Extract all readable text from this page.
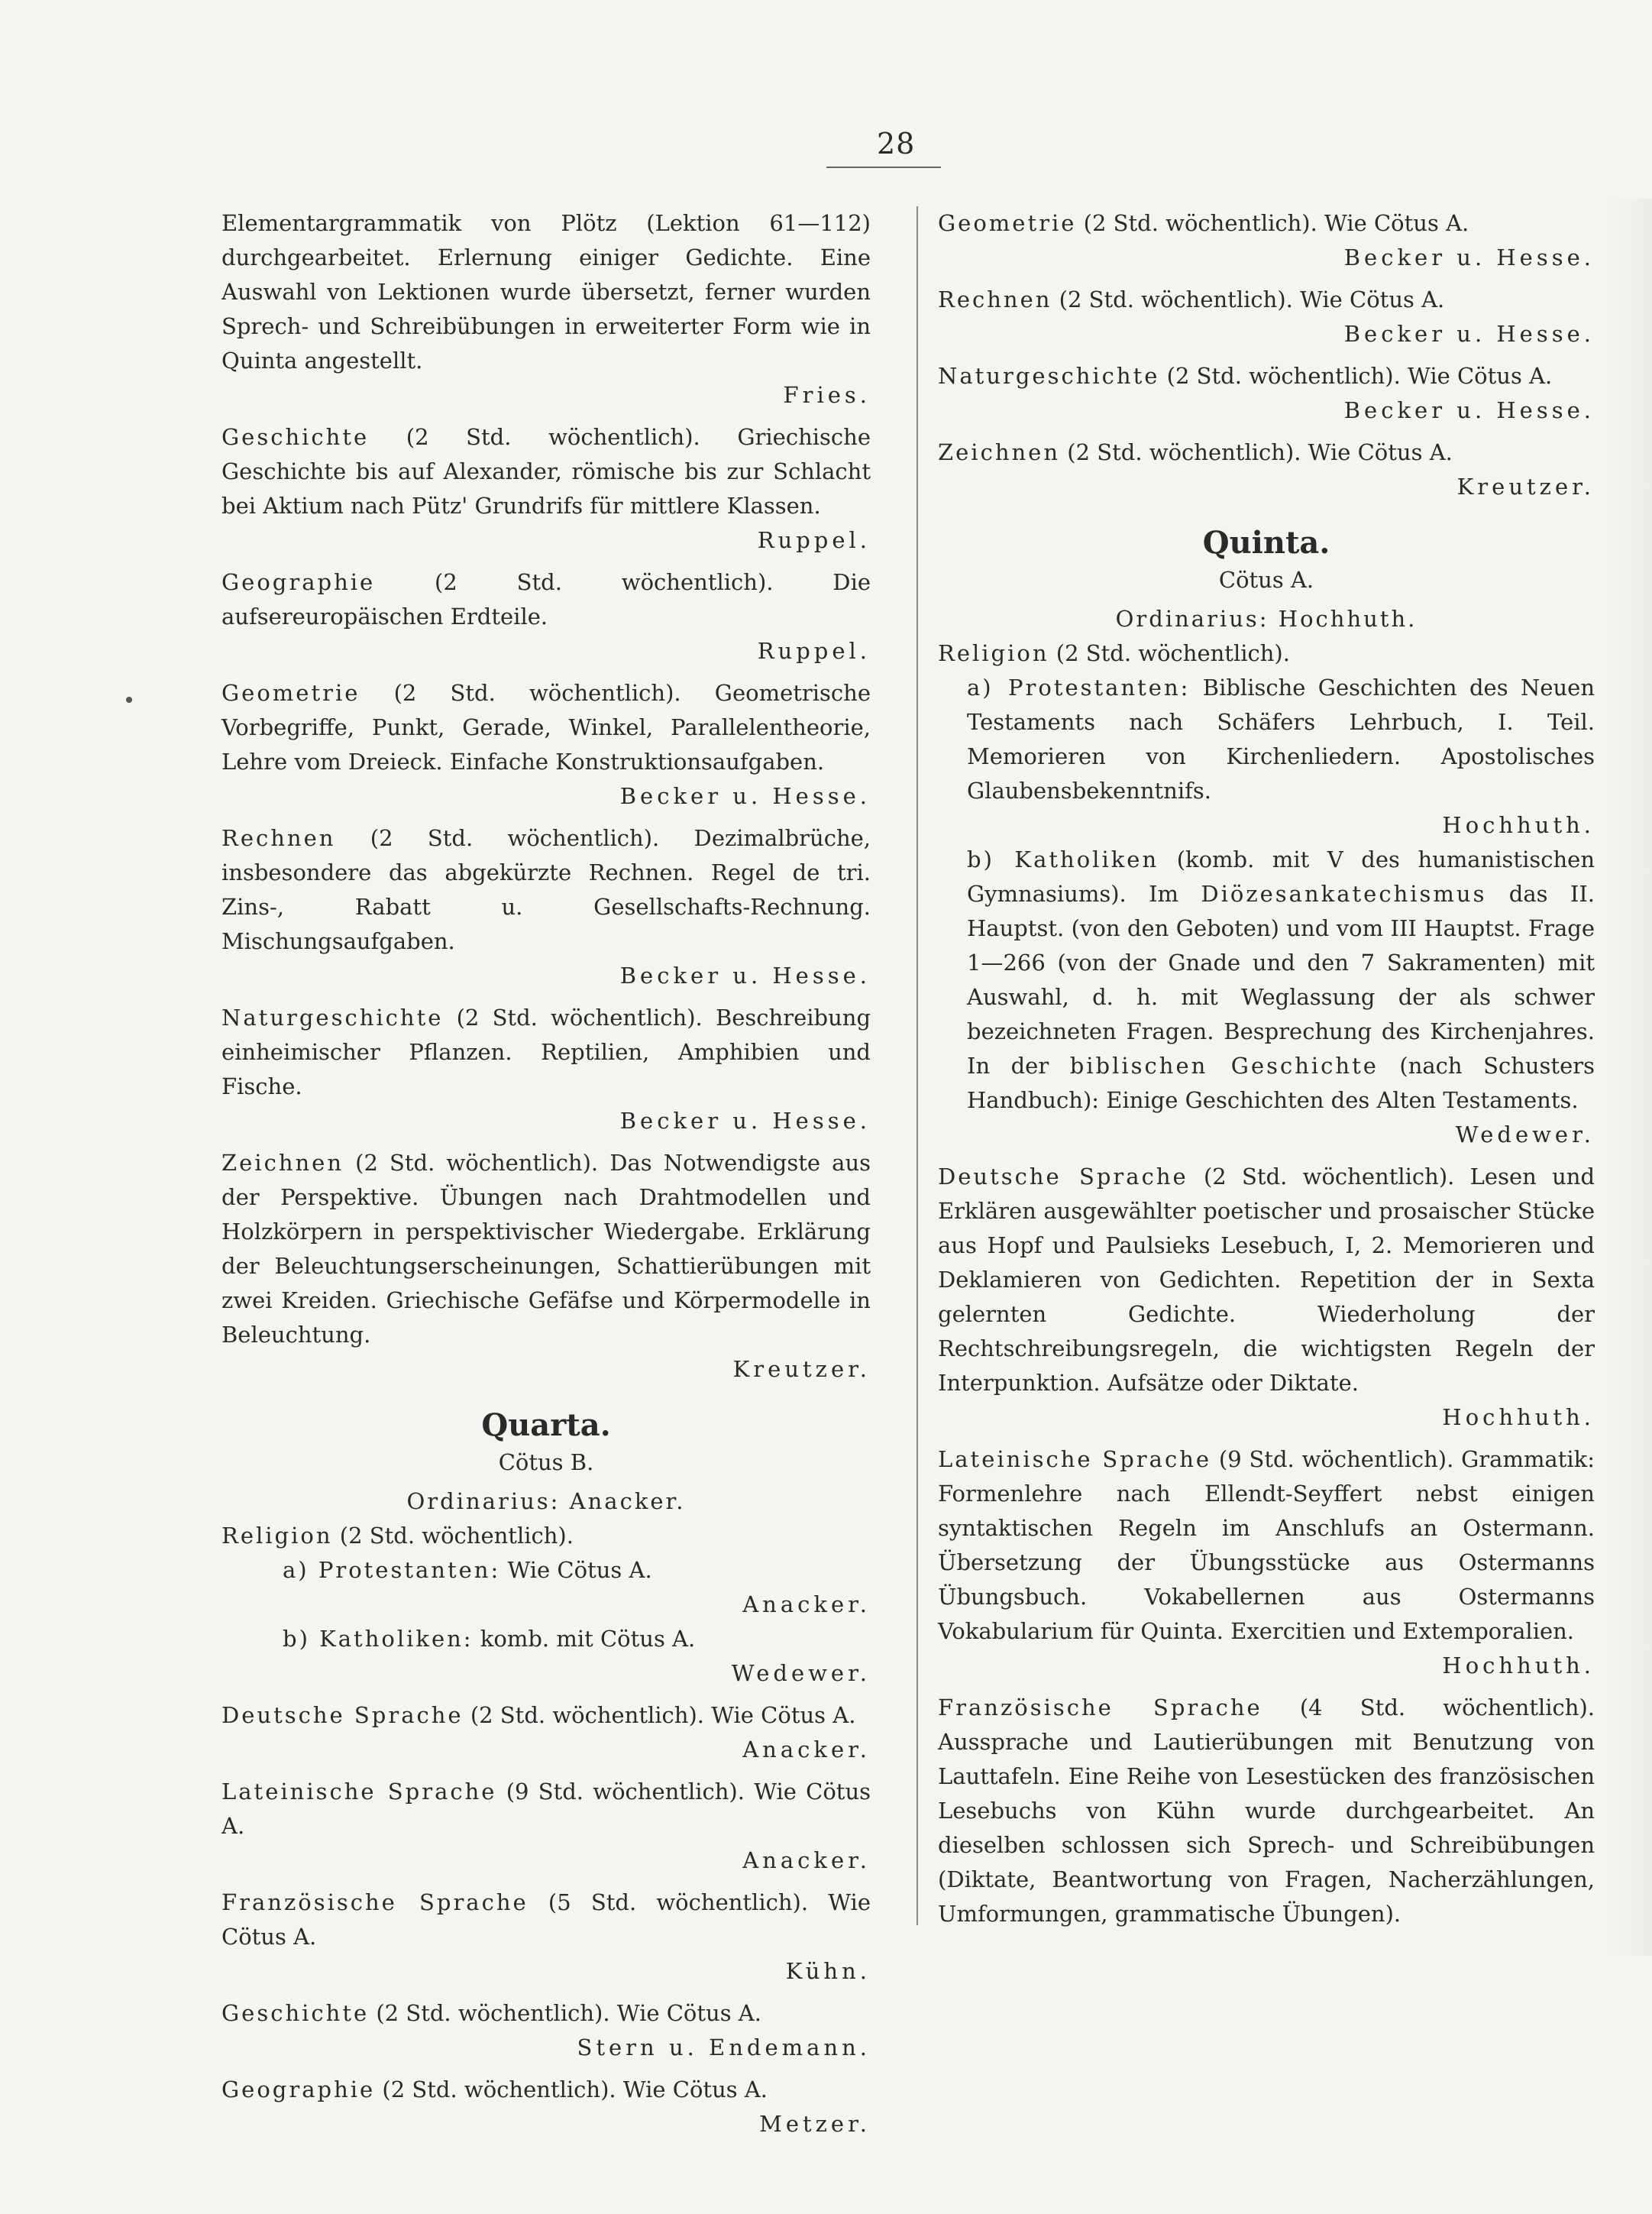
28
Elementargrammatik von Plötz (Lektion 61—112) durchgearbeitet. Erlernung einiger Gedichte. Eine Auswahl von Lektionen wurde übersetzt, ferner wurden Sprech- und Schreibübungen in erweiterter Form wie in Quinta angestellt.
Fries.
Geschichte (2 Std. wöchentlich). Griechische Geschichte bis auf Alexander, römische bis zur Schlacht bei Aktium nach Pütz' Grundrifs für mittlere Klassen.
Ruppel.
Geographie	(2 Std. wöchentlich). Die aufsereuropäischen Erdteile.
Ruppel.
Geometrie (2 Std. wöchentlich). Geometrische Vorbegriffe, Punkt, Gerade, Winkel, Parallelentheorie, Lehre vom Dreieck. Einfache Konstruktionsaufgaben.
Becker u. Hesse.
Rechnen (2 Std. wöchentlich). Dezimalbrüche, insbesondere das abgekürzte Rechnen. Regel de tri. Zins-, Rabatt u. Gesellschafts-Rechnung. Mischungsaufgaben.
Becker u. Hesse.
Naturgeschichte (2 Std. wöchentlich). Beschreibung einheimischer Pflanzen. Reptilien, Amphibien und Fische.
Becker u. Hesse.
Zeichnen (2 Std. wöchentlich). Das Notwendigste aus der Perspektive. Übungen nach Drahtmodellen und Holzkörpern in perspektivischer Wiedergabe. Erklärung der Beleuchtungserscheinungen, Schattierübungen mit zwei Kreiden. Griechische Gefäfse und Körpermodelle in Beleuchtung.
Kreutzer.
Quarta.
Cötus B.
Ordinarius: Anacker.
Religion (2 Std. wöchentlich).
a) Protestanten: Wie Cötus A.
Anacker.
b) Katholiken: komb. mit Cötus A.
Wedewer.
Deutsche Sprache (2 Std. wöchentlich). Wie Cötus A.
Anacker.
Lateinische Sprache (9 Std. wöchentlich). Wie Cötus A.
Anacker.
Französische Sprache (5 Std. wöchentlich). Wie Cötus A.
Kühn.
Geschichte (2 Std. wöchentlich). Wie Cötus A.
Stern u. Endemann.
Geographie (2 Std. wöchentlich). Wie Cötus A.
Metzer.
Geometrie (2 Std. wöchentlich). Wie Cötus A.
Becker u. Hesse.
Rechnen (2 Std. wöchentlich). Wie Cötus A.
Becker u. Hesse.
Naturgeschichte (2 Std. wöchentlich). Wie Cötus A.
Becker u. Hesse.
Zeichnen (2 Std. wöchentlich). Wie Cötus A.
Kreutzer.
Quinta.
Cötus A.
Ordinarius: Hochhuth.
Religion (2 Std. wöchentlich).
a) Protestanten: Biblische Geschichten des Neuen Testaments nach Schäfers Lehrbuch, I. Teil. Memorieren von Kirchenliedern. Apostolisches Glaubensbekenntnifs.
Hochhuth.
b) Katholiken (komb. mit V des humanistischen Gymnasiums). Im Diözesankatechismus das II. Hauptst. (von den Geboten) und vom III Hauptst. Frage 1—266 (von der Gnade und den 7 Sakramenten) mit Auswahl, d. h. mit Weglassung der als schwer bezeichneten Fragen. Besprechung des Kirchenjahres. In der biblischen Geschichte (nach Schusters Handbuch): Einige Geschichten des Alten Testaments.
Wedewer.
Deutsche Sprache (2 Std. wöchentlich). Lesen und Erklären ausgewählter poetischer und prosaischer Stücke aus Hopf und Paulsieks Lesebuch, I, 2. Memorieren und Deklamieren von Gedichten. Repetition der in Sexta gelernten Gedichte. Wiederholung der Rechtschreibungsregeln, die wichtigsten Regeln der Interpunktion. Aufsätze oder Diktate.
Hochhuth.
Lateinische Sprache (9 Std. wöchentlich). Grammatik: Formenlehre nach Ellendt-Seyffert nebst einigen syntaktischen Regeln im Anschlufs an Ostermann. Übersetzung der Übungsstücke aus Ostermanns Übungsbuch. Vokabellernen aus Ostermanns Vokabularium für Quinta. Exercitien und Extemporalien.
Hochhuth.
Französische Sprache (4 Std. wöchentlich). Aussprache und Lautierübungen mit Benutzung von Lauttafeln. Eine Reihe von Lesestücken des französischen Lesebuchs von Kühn wurde durchgearbeitet. An dieselben schlossen sich Sprech- und Schreibübungen (Diktate, Beantwortung von Fragen, Nacherzählungen, Umformungen, grammatische Übungen).
